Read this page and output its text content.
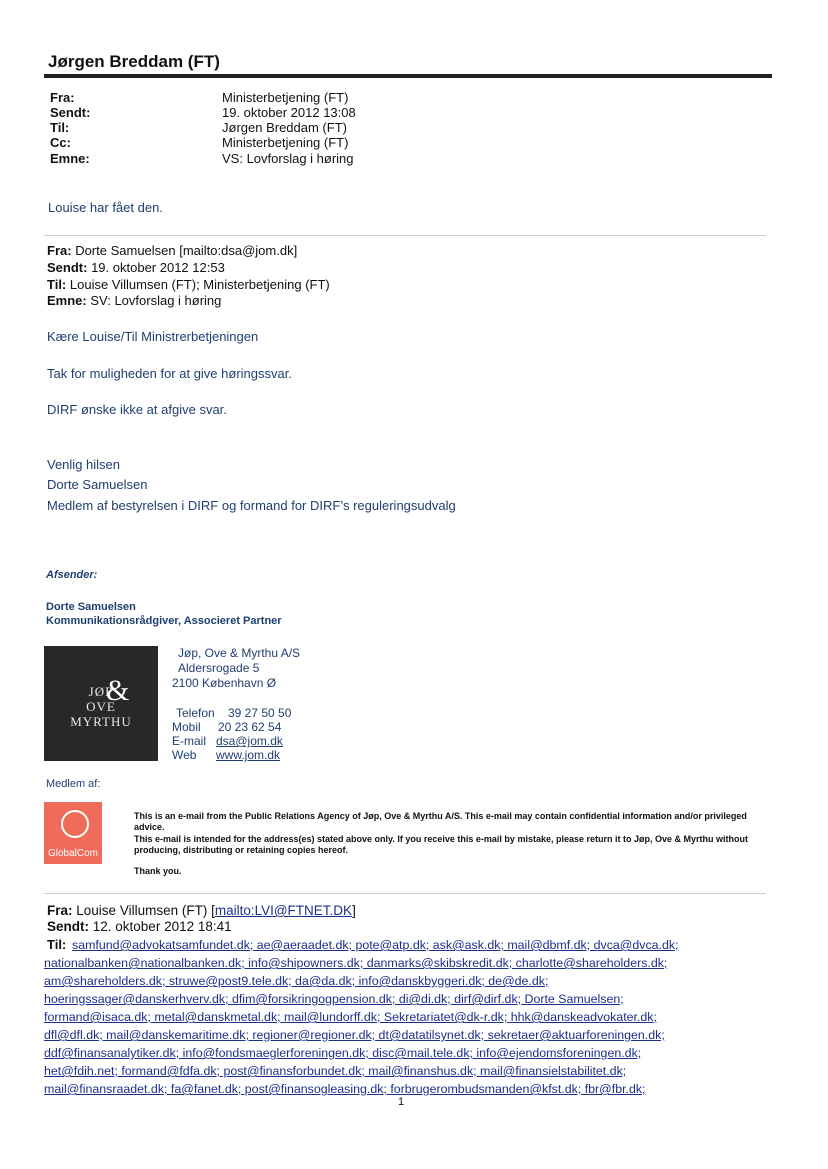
Jørgen Breddam (FT)
Fra:	Ministerbetjening (FT)
Sendt:	19. oktober 2012 13:08
Til:	Jørgen Breddam (FT)
Cc:	Ministerbetjening (FT)
Emne:	VS: Lovforslag i høring
Louise har fået den.
Fra: Dorte Samuelsen [mailto:dsa@jom.dk]
Sendt: 19. oktober 2012 12:53
Til: Louise Villumsen (FT); Ministerbetjening (FT)
Emne: SV: Lovforslag i høring
Kære Louise/Til Ministrerbetjeningen
Tak for muligheden for at give høringssvar.
DIRF ønske ikke at afgive svar.
Venlig hilsen
Dorte Samuelsen
Medlem af bestyrelsen i DIRF og formand for DIRF’s reguleringsudvalg
Afsender:
Dorte Samuelsen
Kommunikationsrådgiver, Associeret Partner
JØP
OVE
MYRTHU
&
Jøp, Ove & Myrthu A/S
Aldersrogade 5
2100 København Ø
Telefon 39 27 50 50
Mobil 20 23 62 54
E-mail dsa@jom.dk
Web www.jom.dk
Medlem af:
GlobalCom
This is an e-mail from the Public Relations Agency of Jøp, Ove & Myrthu A/S. This e-mail may contain confidential information and/or privileged advice.
This e-mail is intended for the address(es) stated above only. If you receive this e-mail by mistake, please return it to Jøp, Ove & Myrthu without producing, distributing or retaining copies hereof.
Thank you.
Fra: Louise Villumsen (FT) [mailto:LVI@FTNET.DK]
Sendt: 12. oktober 2012 18:41
Til: samfund@advokatsamfundet.dk; ae@aeraadet.dk; pote@atp.dk; ask@ask.dk; mail@dbmf.dk; dvca@dvca.dk;
nationalbanken@nationalbanken.dk; info@shipowners.dk; danmarks@skibskredit.dk; charlotte@shareholders.dk;
am@shareholders.dk; struwe@post9.tele.dk; da@da.dk; info@danskbyggeri.dk; de@de.dk;
hoeringssager@danskerhverv.dk; dfim@forsikringogpension.dk; di@di.dk; dirf@dirf.dk; Dorte Samuelsen;
formand@isaca.dk; metal@danskmetal.dk; mail@lundorff.dk; Sekretariatet@dk-r.dk; hhk@danskeadvokater.dk;
dfl@dfl.dk; mail@danskemaritime.dk; regioner@regioner.dk; dt@datatilsynet.dk; sekretaer@aktuarforeningen.dk;
ddf@finansanalytiker.dk; info@fondsmaeglerforeningen.dk; disc@mail.tele.dk; info@ejendomsforeningen.dk;
het@fdih.net; formand@fdfa.dk; post@finansforbundet.dk; mail@finanshus.dk; mail@finansielstabilitet.dk;
mail@finansraadet.dk; fa@fanet.dk; post@finansogleasing.dk; forbrugerombudsmanden@kfst.dk; fbr@fbr.dk;
1
